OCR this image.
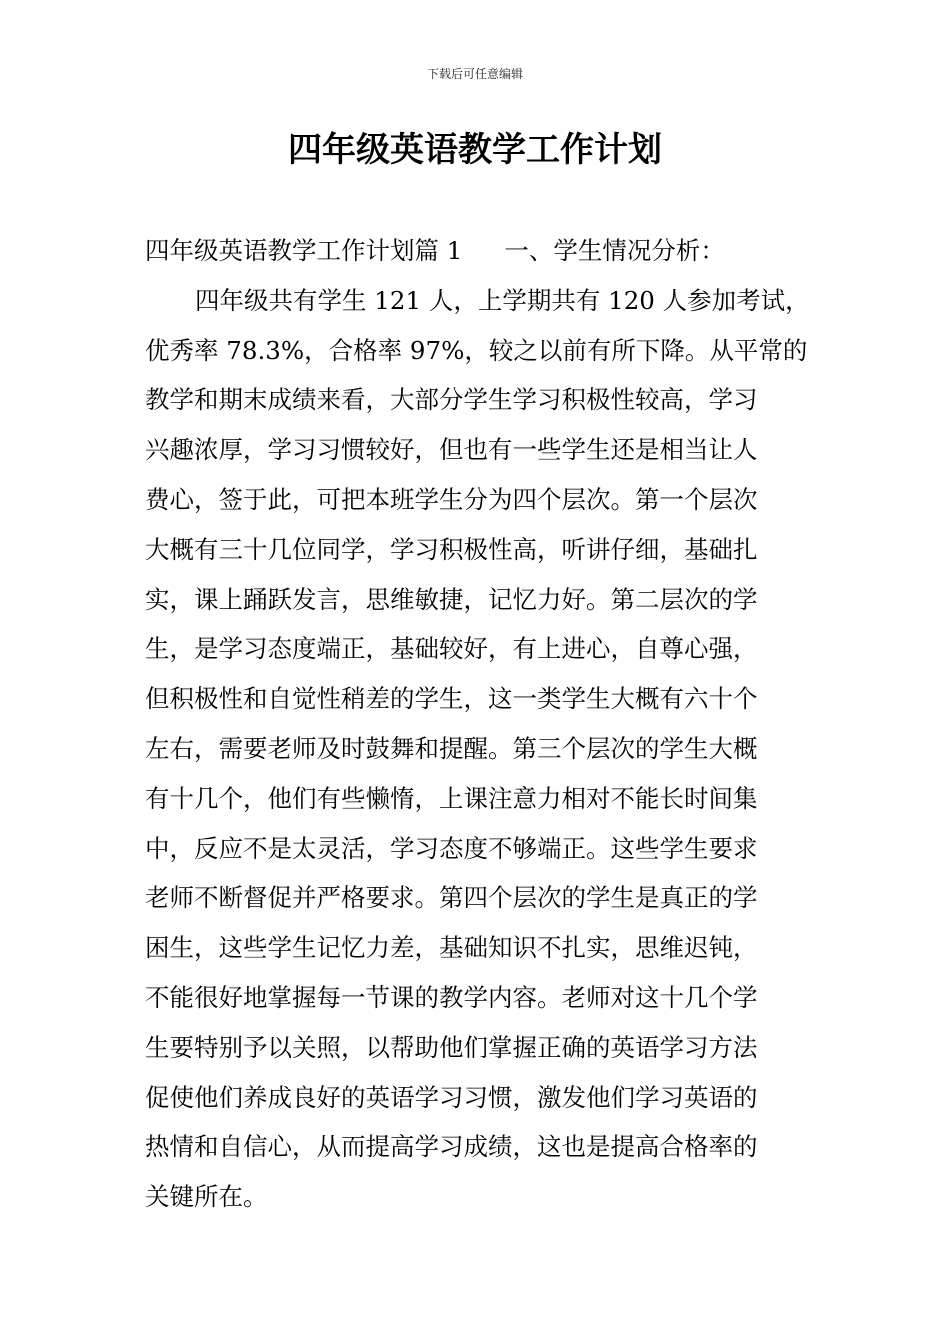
下载后可任意编辑
四年级英语教学工作计划
四年级英语教学工作计划篇 1 一、学生情况分析：
四年级共有学生 121 人，上学期共有 120 人参加考试，
优秀率 78.3%，合格率 97%，较之以前有所下降。从平常的
教学和期末成绩来看，大部分学生学习积极性较高，学习
兴趣浓厚，学习习惯较好，但也有一些学生还是相当让人
费心，签于此，可把本班学生分为四个层次。第一个层次
大概有三十几位同学，学习积极性高，听讲仔细，基础扎
实，课上踊跃发言，思维敏捷，记忆力好。第二层次的学
生，是学习态度端正，基础较好，有上进心，自尊心强，
但积极性和自觉性稍差的学生，这一类学生大概有六十个
左右，需要老师及时鼓舞和提醒。第三个层次的学生大概
有十几个，他们有些懒惰，上课注意力相对不能长时间集
中，反应不是太灵活，学习态度不够端正。这些学生要求
老师不断督促并严格要求。第四个层次的学生是真正的学
困生，这些学生记忆力差，基础知识不扎实，思维迟钝，
不能很好地掌握每一节课的教学内容。老师对这十几个学
生要特别予以关照，以帮助他们掌握正确的英语学习方法
促使他们养成良好的英语学习习惯，激发他们学习英语的
热情和自信心，从而提高学习成绩，这也是提高合格率的
关键所在。
